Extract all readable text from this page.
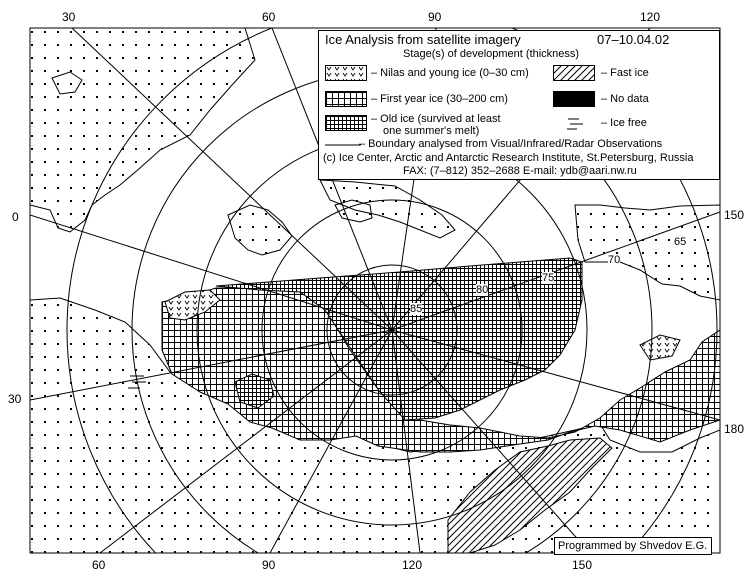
30	60	90	120
60	90	120	150
0
30
150
180
85
80
75
70
65
Ice Analysis from satellite imagery	07–10.04.02
Stage(s) of development (thickness)
– Nilas and young ice (0–30 cm)	– Fast ice
– First year ice (30–200 cm)	– No data
– Old ice (survived at least
one summer's melt)
– Ice free
– Boundary analysed from Visual/Infrared/Radar Observations
(c) Ice Center, Arctic and Antarctic Research Institute, St.Petersburg, Russia
FAX: (7–812) 352–2688 E-mail: ydb@aari.nw.ru
Programmed by Shvedov E.G.
